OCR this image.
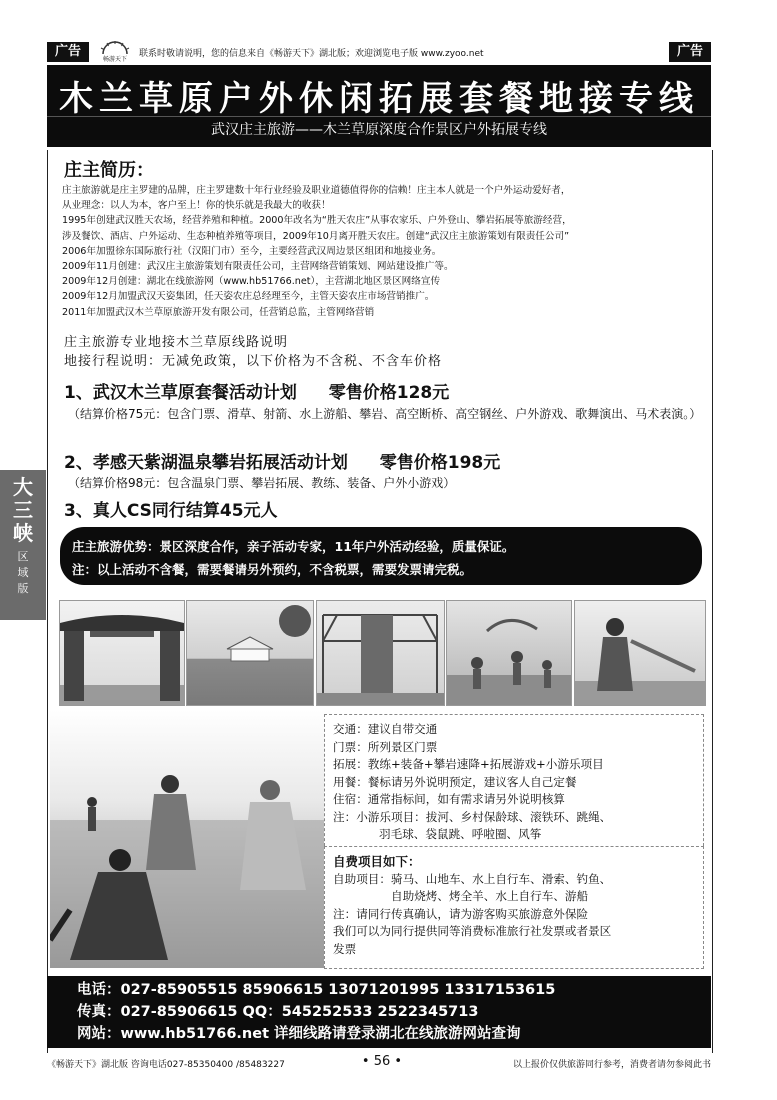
广告
畅游天下
联系时敬请说明，您的信息来自《畅游天下》湖北版；欢迎浏览电子版 www.zyoo.net	广告
木兰草原户外休闲拓展套餐地接专线
武汉庄主旅游——木兰草原深度合作景区户外拓展专线
大
三
峡
区
域
版
庄主简历：
庄主旅游就是庄主罗建的品牌，庄主罗建数十年行业经验及职业道德值得你的信赖！庄主本人就是一个户外运动爱好者，
从业理念：以人为本，客户至上！你的快乐就是我最大的收获！
1995年创建武汉胜天农场，经营养殖和种植。2000年改名为“胜天农庄”从事农家乐、户外登山、攀岩拓展等旅游经营，
涉及餐饮、酒店、户外运动、生态种植养殖等项目，2009年10月离开胜天农庄。创建“武汉庄主旅游策划有限责任公司”
2006年加盟徐东国际旅行社（汉阳门市）至今，主要经营武汉周边景区组团和地接业务。
2009年11月创建：武汉庄主旅游策划有限责任公司，主营网络营销策划、网站建设推广等。
2009年12月创建：湖北在线旅游网（www.hb51766.net），主营湖北地区景区网络宣传
2009年12月加盟武汉天姿集团，任天姿农庄总经理至今，主管天姿农庄市场营销推广。
2011年加盟武汉木兰草原旅游开发有限公司，任营销总监，主管网络营销
庄主旅游专业地接木兰草原线路说明
地接行程说明：无减免政策，以下价格为不含税、不含车价格
1、武汉木兰草原套餐活动计划 零售价格128元
（结算价格75元：包含门票、滑草、射箭、水上游船、攀岩、高空断桥、高空钢丝、户外游戏、歌舞演出、马术表演。）
2、孝感天紫湖温泉攀岩拓展活动计划 零售价格198元
（结算价格98元：包含温泉门票、攀岩拓展、教练、装备、户外小游戏）
3、真人CS同行结算45元人
庄主旅游优势：景区深度合作，亲子活动专家，11年户外活动经验，质量保证。
注：以上活动不含餐，需要餐请另外预约，不含税票，需要发票请完税。
交通：建议自带交通
门票：所列景区门票
拓展：教练+装备+攀岩速降+拓展游戏+小游乐项目
用餐：餐标请另外说明预定，建议客人自己定餐
住宿：通常指标间，如有需求请另外说明核算
注：小游乐项目：拔河、乡村保龄球、滚铁环、跳绳、
羽毛球、袋鼠跳、呼啦圈、风筝
自费项目如下：
自助项目：骑马、山地车、水上自行车、滑索、钓鱼、
自助烧烤、烤全羊、水上自行车、游船
注：请同行传真确认，请为游客购买旅游意外保险
我们可以为同行提供同等消费标准旅行社发票或者景区
发票
电话：027-85905515 85906615 13071201995 13317153615
传真：027-85906615 QQ：545252533 2522345713
网站：www.hb51766.net 详细线路请登录湖北在线旅游网站查询
《畅游天下》湖北版 咨询电话027-85350400 /85483227	• 56 •	以上报价仅供旅游同行参考，消费者请勿参阅此书
